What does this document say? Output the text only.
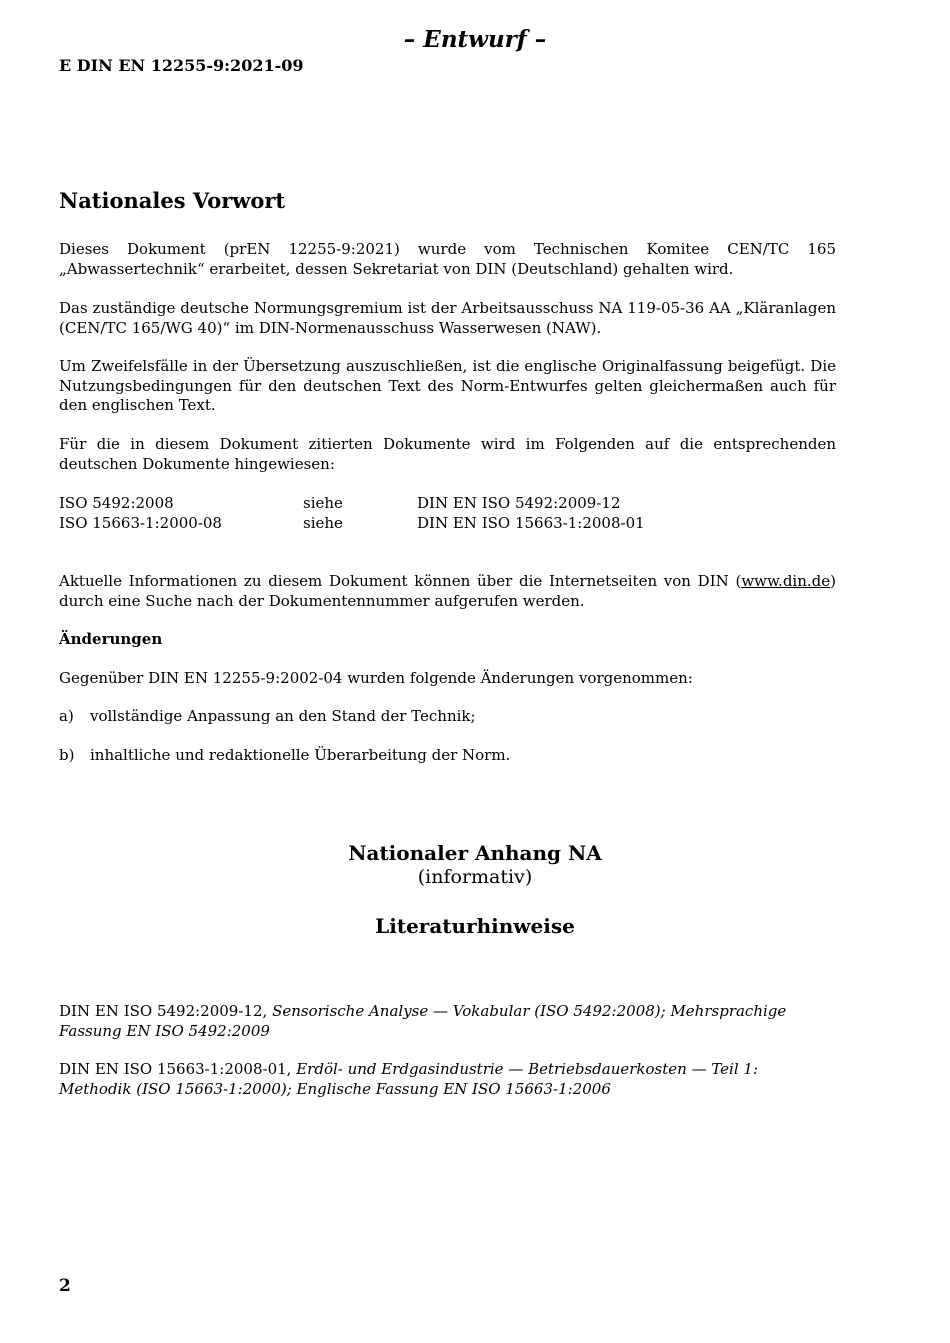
– Entwurf –
E DIN EN 12255-9:2021-09
Nationales Vorwort

Dieses Dokument (prEN 12255-9:2021) wurde vom Technischen Komitee CEN/TC 165 „Abwassertechnik“ erarbeitet, dessen Sekretariat von DIN (Deutschland) gehalten wird.

Das zuständige deutsche Normungsgremium ist der Arbeitsausschuss NA 119-05-36 AA „Kläranlagen (CEN/TC 165/WG 40)“ im DIN-Normenausschuss Wasserwesen (NAW).

Um Zweifelsfälle in der Übersetzung auszuschließen, ist die englische Originalfassung beigefügt. Die Nutzungsbedingungen für den deutschen Text des Norm-Entwurfes gelten gleichermaßen auch für den englischen Text.

Für die in diesem Dokument zitierten Dokumente wird im Folgenden auf die entsprechenden deutschen Dokumente hingewiesen:

ISO 5492:2008	siehe	DIN EN ISO 5492:2009-12
ISO 15663-1:2000-08	siehe	DIN EN ISO 15663-1:2008-01

Aktuelle Informationen zu diesem Dokument können über die Internetseiten von DIN (www.din.de) durch eine Suche nach der Dokumentennummer aufgerufen werden.

Änderungen
Gegenüber DIN EN 12255-9:2002-04 wurden folgende Änderungen vorgenommen:
a)	vollständige Anpassung an den Stand der Technik;
b)	inhaltliche und redaktionelle Überarbeitung der Norm.
Nationaler Anhang NA
(informativ)
Literaturhinweise

DIN EN ISO 5492:2009-12, Sensorische Analyse — Vokabular (ISO 5492:2008); Mehrsprachige Fassung EN ISO 5492:2009

DIN EN ISO 15663-1:2008-01, Erdöl- und Erdgasindustrie — Betriebsdauerkosten — Teil 1: Methodik (ISO 15663-1:2000); Englische Fassung EN ISO 15663-1:2006

2
